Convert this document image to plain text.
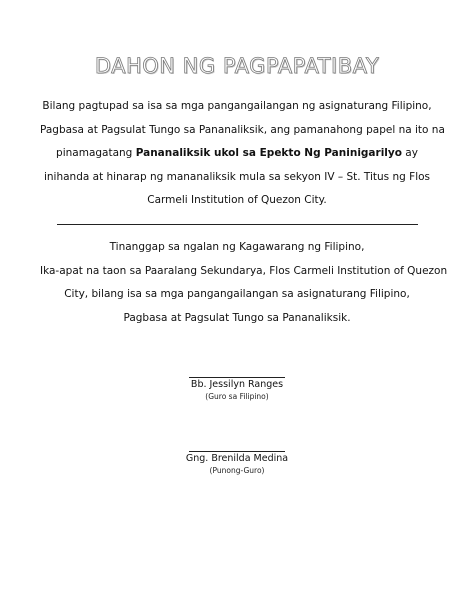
DAHON NG PAGPAPATIBAY

Bilang pagtupad sa isa sa mga pangangailangan ng asignaturang Filipino,

Pagbasa at Pagsulat Tungo sa Pananaliksik, ang pamanahong papel na ito na

pinamagatang Pananaliksik ukol sa Epekto Ng Paninigarilyo ay

inihanda at hinarap ng mananaliksik mula sa sekyon IV – St. Titus ng Flos

Carmeli Institution of Quezon City.

Tinanggap sa ngalan ng Kagawarang ng Filipino,

Ika-apat na taon sa Paaralang Sekundarya, Flos Carmeli Institution of Quezon

City, bilang isa sa mga pangangailangan sa asignaturang Filipino,

Pagbasa at Pagsulat Tungo sa Pananaliksik.

Bb. Jessilyn Ranges
(Guro sa Filipino)
Gng. Brenilda Medina
(Punong-Guro)
